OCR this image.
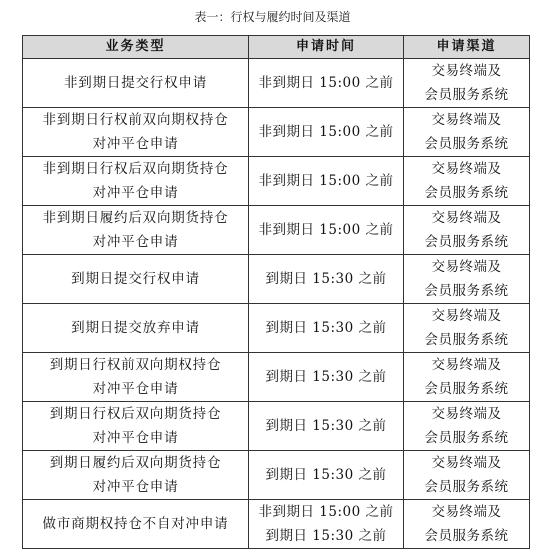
表一：行权与履约时间及渠道
业务类型	申请时间	申请渠道

非到期日提交行权申请	非到期日 15:00 之前	交易终端及
会员服务系统

非到期日行权前双向期权持仓
对冲平仓申请	非到期日 15:00 之前	交易终端及
会员服务系统

非到期日行权后双向期货持仓
对冲平仓申请	非到期日 15:00 之前	交易终端及
会员服务系统

非到期日履约后双向期货持仓
对冲平仓申请	非到期日 15:00 之前	交易终端及
会员服务系统

到期日提交行权申请	到期日 15:30 之前	交易终端及
会员服务系统

到期日提交放弃申请	到期日 15:30 之前	交易终端及
会员服务系统

到期日行权前双向期权持仓
对冲平仓申请	到期日 15:30 之前	交易终端及
会员服务系统

到期日行权后双向期货持仓
对冲平仓申请	到期日 15:30 之前	交易终端及
会员服务系统

到期日履约后双向期货持仓
对冲平仓申请	到期日 15:30 之前	交易终端及
会员服务系统

做市商期权持仓不自对冲申请	非到期日 15:00 之前
到期日 15:30 之前	交易终端及
会员服务系统
